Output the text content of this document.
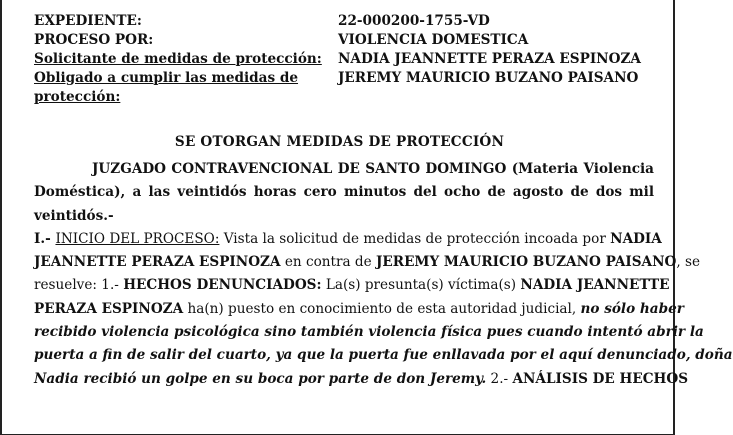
EXPEDIENTE:	22-000200-1755-VD
PROCESO POR:	VIOLENCIA DOMESTICA
Solicitante de medidas de protección:	NADIA JEANNETTE PERAZA ESPINOZA
Obligado a cumplir las medidas de	JEREMY MAURICIO BUZANO PAISANO
protección:
SE OTORGAN MEDIDAS DE PROTECCIÓN
JUZGADO CONTRAVENCIONAL DE SANTO DOMINGO (Materia Violencia
Doméstica), a las veintidós horas cero minutos del ocho de agosto de dos mil
veintidós.-
I.- INICIO DEL PROCESO: Vista la solicitud de medidas de protección incoada por NADIA
JEANNETTE PERAZA ESPINOZA en contra de JEREMY MAURICIO BUZANO PAISANO, se
resuelve: 1.- HECHOS DENUNCIADOS: La(s) presunta(s) víctima(s) NADIA JEANNETTE
PERAZA ESPINOZA ha(n) puesto en conocimiento de esta autoridad judicial, no sólo haber
recibido violencia psicológica sino también violencia física pues cuando intentó abrir la
puerta a fin de salir del cuarto, ya que la puerta fue enllavada por el aquí denunciado, doña
Nadia recibió un golpe en su boca por parte de don Jeremy. 2.- ANÁLISIS DE HECHOS
